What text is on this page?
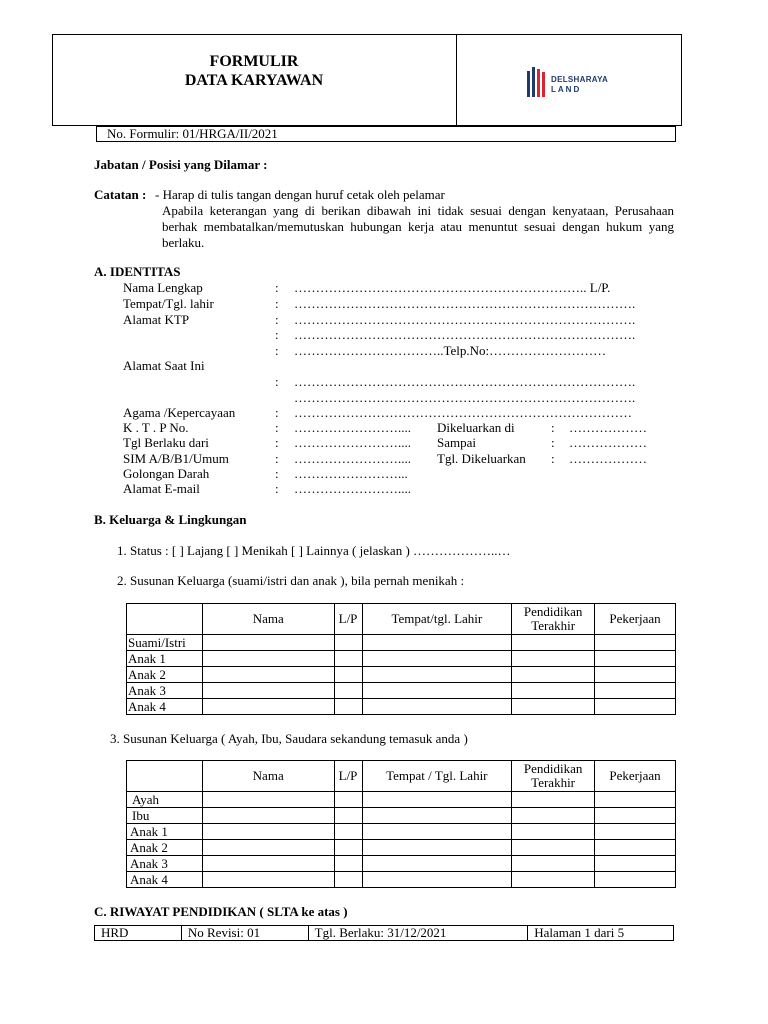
FORMULIR
DATA KARYAWAN	DELSHARAYA
LAND
No. Formulir: 01/HRGA/II/2021
Jabatan / Posisi yang Dilamar :
Catatan : - Harap di tulis tangan dengan huruf cetak oleh pelamar
Apabila keterangan yang di berikan dibawah ini tidak sesuai dengan kenyataan, Perusahaan berhak membatalkan/memutuskan hubungan kerja atau menuntut sesuai dengan hukum yang berlaku.
A. IDENTITAS
Nama Lengkap	: ………………………………………………………….. L/P.
Tempat/Tgl. lahir	: …………………………………………………………………….
Alamat KTP	: …………………………………………………………………….
: …………………………………………………………………….
: ……………………………..Telp.No:………………………
Alamat Saat Ini
: …………………………………………………………………….
…………………………………………………………………….
Agama /Kepercayaan	: ……………………………………………………………………
K . T . P No.	: …………………….... Dikeluarkan di	: ………………
Tgl Berlaku dari	: …………………….... Sampai	: ………………
SIM A/B/B1/Umum	: …………………….... Tgl. Dikeluarkan : ………………
Golongan Darah	: ……………………...
Alamat E-mail	: ……………………....
B. Keluarga & Lingkungan
1. Status : [ ] Lajang [ ] Menikah [ ] Lainnya ( jelaskan ) ………………..…
2. Susunan Keluarga (suami/istri dan anak ), bila pernah menikah :
	Nama	L/P	Tempat/tgl. Lahir	Pendidikan Terakhir	Pekerjaan
Suami/Istri					
Anak 1					
Anak 2					
Anak 3					
Anak 4					
3. Susunan Keluarga ( Ayah, Ibu, Saudara sekandung temasuk anda )
	Nama	L/P	Tempat / Tgl. Lahir	Pendidikan Terakhir	Pekerjaan
Ayah					
Ibu					
Anak 1					
Anak 2					
Anak 3					
Anak 4					
C. RIWAYAT PENDIDIKAN ( SLTA ke atas )
HRD	No Revisi: 01	Tgl. Berlaku: 31/12/2021	Halaman 1 dari 5
